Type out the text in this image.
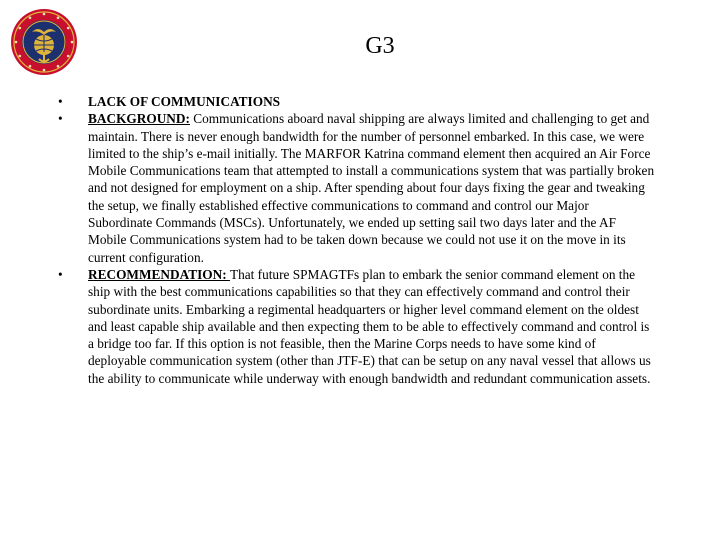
G3
• LACK OF COMMUNICATIONS
• BACKGROUND: Communications aboard naval shipping are always limited and challenging to get and maintain. There is never enough bandwidth for the number of personnel embarked. In this case, we were limited to the ship’s e-mail initially. The MARFOR Katrina command element then acquired an Air Force Mobile Communications team that attempted to install a communications system that was partially broken and not designed for employment on a ship. After spending about four days fixing the gear and tweaking the setup, we finally established effective communications to command and control our Major Subordinate Commands (MSCs). Unfortunately, we ended up setting sail two days later and the AF Mobile Communications system had to be taken down because we could not use it on the move in its current configuration.
• RECOMMENDATION: That future SPMAGTFs plan to embark the senior command element on the ship with the best communications capabilities so that they can effectively command and control their subordinate units. Embarking a regimental headquarters or higher level command element on the oldest and least capable ship available and then expecting them to be able to effectively command and control is a bridge too far. If this option is not feasible, then the Marine Corps needs to have some kind of deployable communication system (other than JTF-E) that can be setup on any naval vessel that allows us the ability to communicate while underway with enough bandwidth and redundant communication assets.
